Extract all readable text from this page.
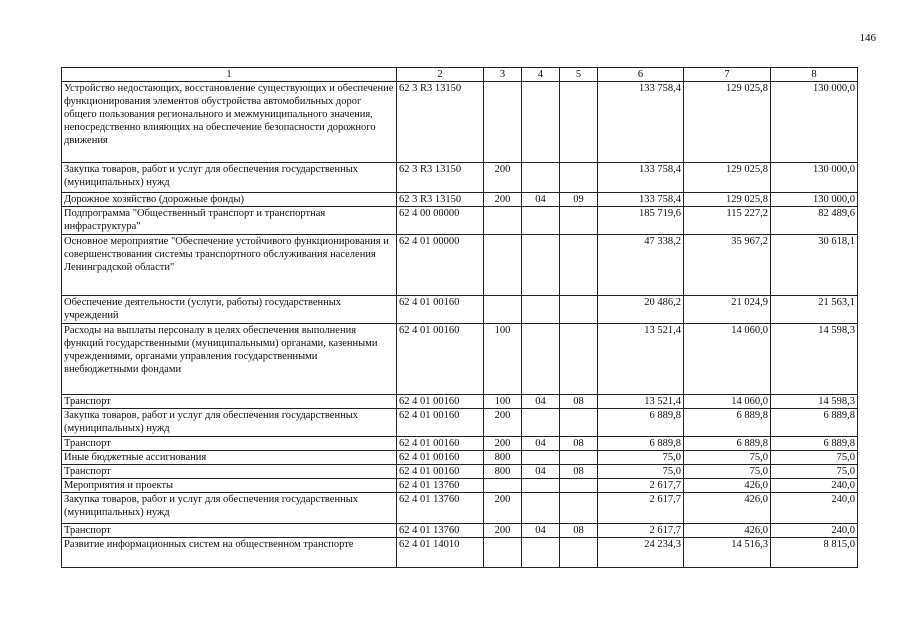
146
1	2	3	4	5	6	7	8
Устройство недостающих, восстановление существующих и обеспечение функционирования элементов обустройства автомобильных дорог общего пользования регионального и межмуниципального значения, непосредственно влияющих на обеспечение безопасности дорожного движения	62 3 R3 13150				133 758,4	129 025,8	130 000,0
Закупка товаров, работ и услуг для обеспечения государственных (муниципальных) нужд	62 3 R3 13150	200			133 758,4	129 025,8	130 000,0
Дорожное хозяйство (дорожные фонды)	62 3 R3 13150	200	04	09	133 758,4	129 025,8	130 000,0
Подпрограмма "Общественный транспорт и транспортная инфраструктура"	62 4 00 00000				185 719,6	115 227,2	82 489,6
Основное мероприятие "Обеспечение устойчивого функционирования и совершенствования системы транспортного обслуживания населения Ленинградской области"	62 4 01 00000				47 338,2	35 967,2	30 618,1
Обеспечение деятельности (услуги, работы) государственных учреждений	62 4 01 00160				20 486,2	21 024,9	21 563,1
Расходы на выплаты персоналу в целях обеспечения выполнения функций государственными (муниципальными) органами, казенными учреждениями, органами управления государственными внебюджетными фондами	62 4 01 00160	100			13 521,4	14 060,0	14 598,3
Транспорт	62 4 01 00160	100	04	08	13 521,4	14 060,0	14 598,3
Закупка товаров, работ и услуг для обеспечения государственных (муниципальных) нужд	62 4 01 00160	200			6 889,8	6 889,8	6 889,8
Транспорт	62 4 01 00160	200	04	08	6 889,8	6 889,8	6 889,8
Иные бюджетные ассигнования	62 4 01 00160	800			75,0	75,0	75,0
Транспорт	62 4 01 00160	800	04	08	75,0	75,0	75,0
Мероприятия и проекты	62 4 01 13760				2 617,7	426,0	240,0
Закупка товаров, работ и услуг для обеспечения государственных (муниципальных) нужд	62 4 01 13760	200			2 617,7	426,0	240,0
Транспорт	62 4 01 13760	200	04	08	2 617,7	426,0	240,0
Развитие информационных систем на общественном транспорте	62 4 01 14010				24 234,3	14 516,3	8 815,0
